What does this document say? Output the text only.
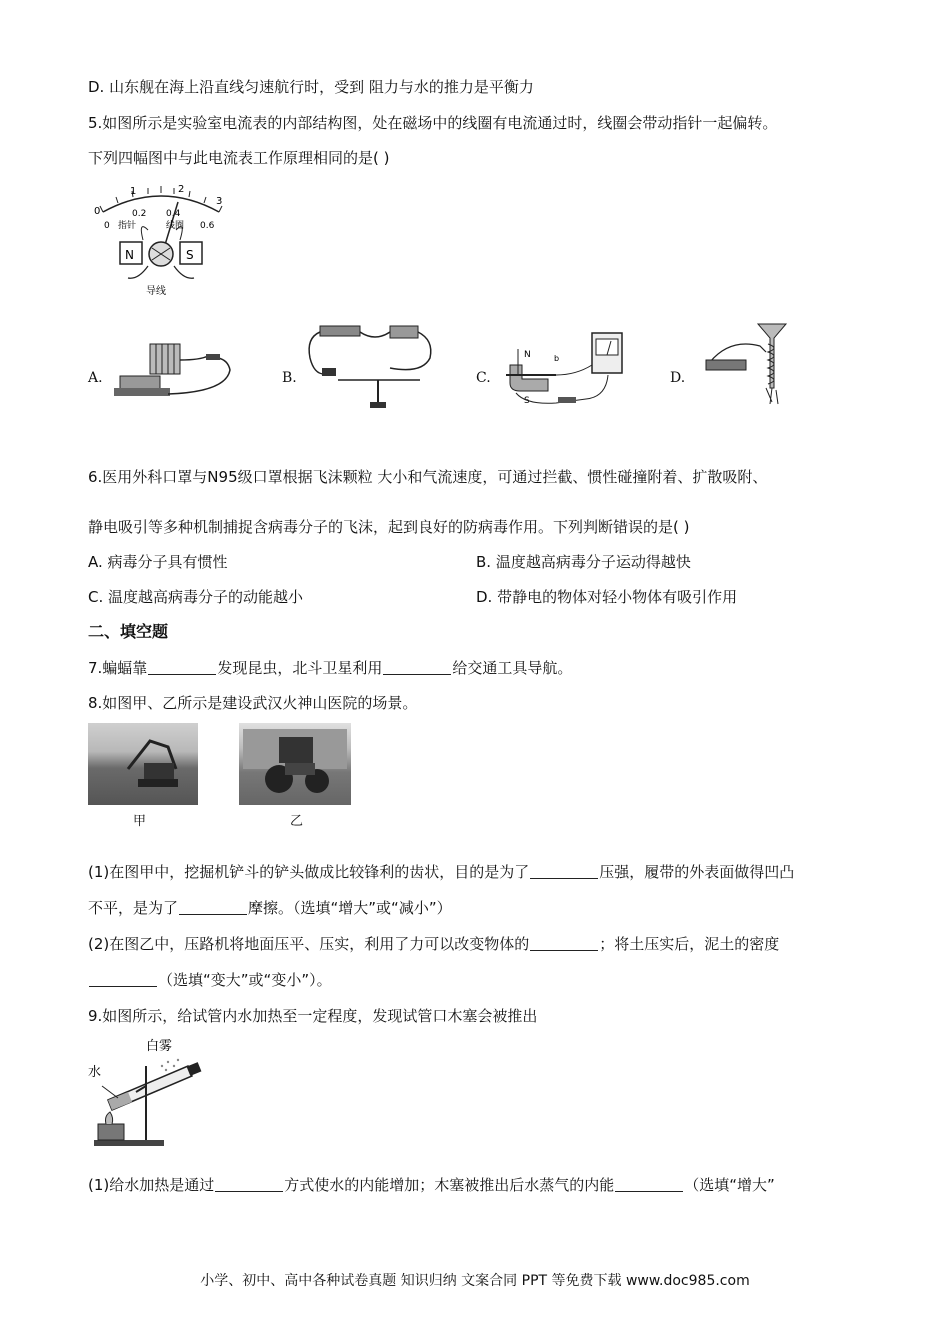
D. 山东舰在海上沿直线匀速航行时，受到 阻力与水的推力是平衡力
5.如图所示是实验室电流表的内部结构图，处在磁场中的线圈有电流通过时，线圈会带动指针一起偏转。
下列四幅图中与此电流表工作原理相同的是( )
0
1	2
3
0
0.2 0.4
0.6
指针	线圈
N	S
导线
A.	B.	C.
N
S
b
D.
6.医用外科口罩与N95级口罩根据飞沫颗粒 大小和气流速度，可通过拦截、惯性碰撞附着、扩散吸附、
静电吸引等多种机制捕捉含病毒分子的飞沫，起到良好的防病毒作用。下列判断错误的是( )
A. 病毒分子具有惯性	B. 温度越高病毒分子运动得越快
C. 温度越高病毒分子的动能越小	D. 带静电的物体对轻小物体有吸引作用
二、填空题
7.蝙蝠靠	发现昆虫，北斗卫星利用	给交通工具导航。
8.如图甲、乙所示是建设武汉火神山医院的场景。
甲	乙
(1)在图甲中，挖掘机铲斗的铲头做成比较锋利的齿状，目的是为了	压强，履带的外表面做得凹凸
不平，是为了	摩擦。（选填“增大”或“减小”）
(2)在图乙中，压路机将地面压平、压实，利用了力可以改变物体的	；将土压实后，泥土的密度
（选填“变大”或“变小”）。
9.如图所示，给试管内水加热至一定程度，发现试管口木塞会被推出
白雾
水
(1)给水加热是通过	方式使水的内能增加；木塞被推出后水蒸气的内能	（选填“增大”
小学、初中、高中各种试卷真题 知识归纳 文案合同 PPT 等免费下载 www.doc985.com
